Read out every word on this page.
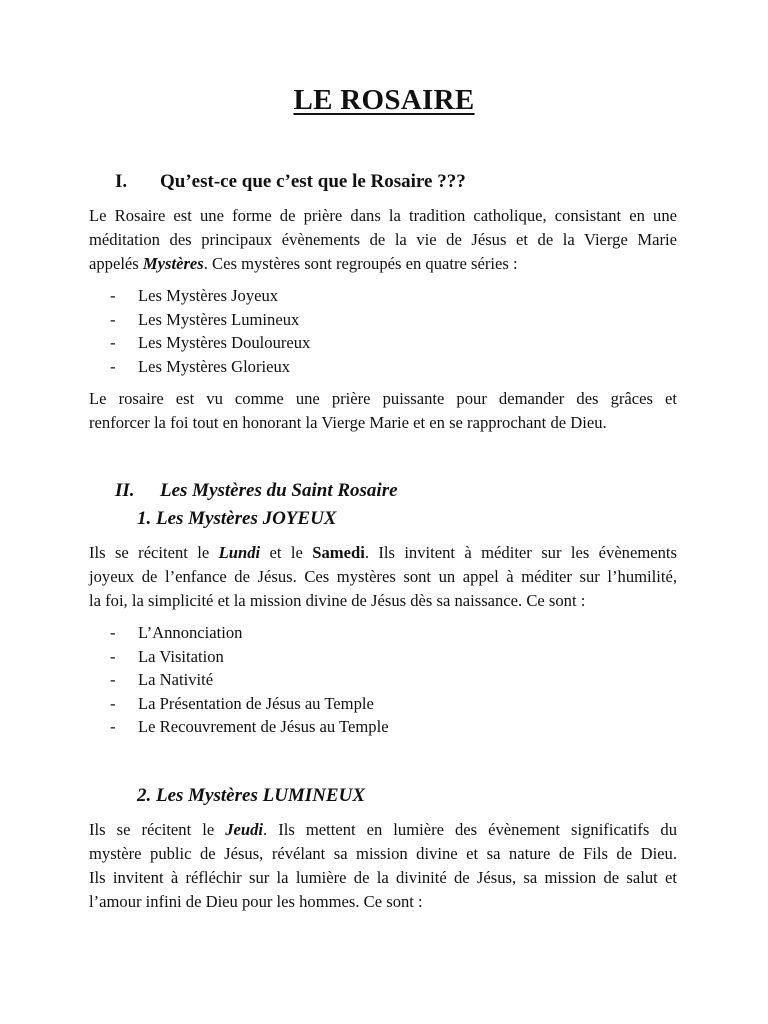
LE ROSAIRE
I. Qu’est-ce que c’est que le Rosaire ???
Le Rosaire est une forme de prière dans la tradition catholique, consistant en une
méditation des principaux évènements de la vie de Jésus et de la Vierge Marie
appelés Mystères. Ces mystères sont regroupés en quatre séries :
- Les Mystères Joyeux
- Les Mystères Lumineux
- Les Mystères Douloureux
- Les Mystères Glorieux
Le rosaire est vu comme une prière puissante pour demander des grâces et
renforcer la foi tout en honorant la Vierge Marie et en se rapprochant de Dieu.
II. Les Mystères du Saint Rosaire
1. Les Mystères JOYEUX
Ils se récitent le Lundi et le Samedi. Ils invitent à méditer sur les évènements
joyeux de l’enfance de Jésus. Ces mystères sont un appel à méditer sur l’humilité,
la foi, la simplicité et la mission divine de Jésus dès sa naissance. Ce sont :
- L’Annonciation
- La Visitation
- La Nativité
- La Présentation de Jésus au Temple
- Le Recouvrement de Jésus au Temple
2. Les Mystères LUMINEUX
Ils se récitent le Jeudi. Ils mettent en lumière des évènement significatifs du
mystère public de Jésus, révélant sa mission divine et sa nature de Fils de Dieu.
Ils invitent à réfléchir sur la lumière de la divinité de Jésus, sa mission de salut et
l’amour infini de Dieu pour les hommes. Ce sont :
